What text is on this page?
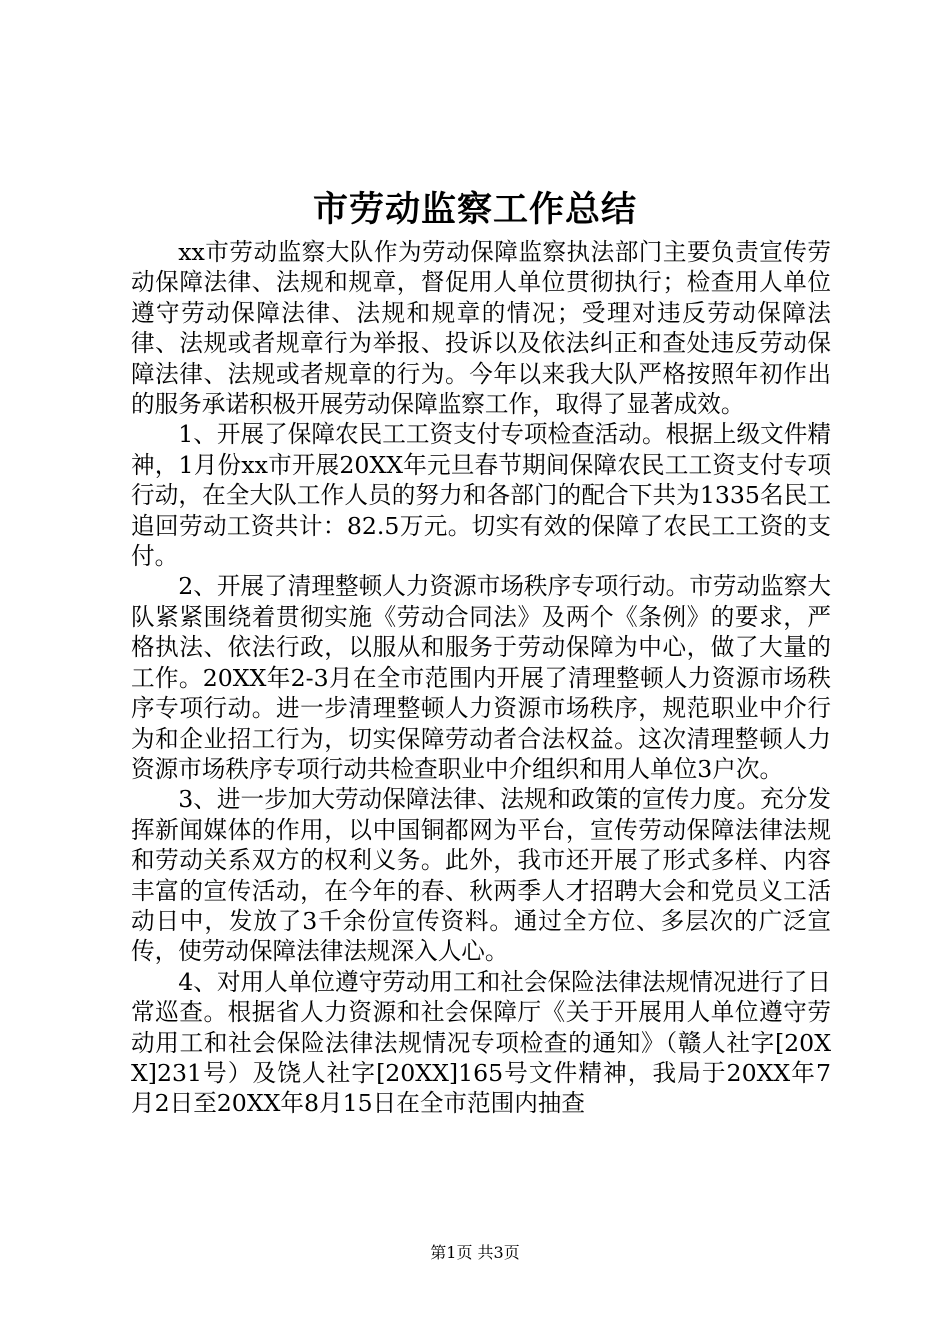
市劳动监察工作总结

xx市劳动监察大队作为劳动保障监察执法部门主要负责宣传劳动保障法律、法规和规章，督促用人单位贯彻执行；检查用人单位遵守劳动保障法律、法规和规章的情况；受理对违反劳动保障法律、法规或者规章行为举报、投诉以及依法纠正和查处违反劳动保障法律、法规或者规章的行为。今年以来我大队严格按照年初作出的服务承诺积极开展劳动保障监察工作，取得了显著成效。

1、开展了保障农民工工资支付专项检查活动。根据上级文件精神，1月份xx市开展20XX年元旦春节期间保障农民工工资支付专项行动，在全大队工作人员的努力和各部门的配合下共为1335名民工追回劳动工资共计：82.5万元。切实有效的保障了农民工工资的支付。

2、开展了清理整顿人力资源市场秩序专项行动。市劳动监察大队紧紧围绕着贯彻实施《劳动合同法》及两个《条例》的要求，严格执法、依法行政，以服从和服务于劳动保障为中心，做了大量的工作。20XX年2-3月在全市范围内开展了清理整顿人力资源市场秩序专项行动。进一步清理整顿人力资源市场秩序，规范职业中介行为和企业招工行为，切实保障劳动者合法权益。这次清理整顿人力资源市场秩序专项行动共检查职业中介组织和用人单位3户次。

3、进一步加大劳动保障法律、法规和政策的宣传力度。充分发挥新闻媒体的作用，以中国铜都网为平台，宣传劳动保障法律法规和劳动关系双方的权利义务。此外，我市还开展了形式多样、内容丰富的宣传活动，在今年的春、秋两季人才招聘大会和党员义工活动日中，发放了3千余份宣传资料。通过全方位、多层次的广泛宣传，使劳动保障法律法规深入人心。

4、对用人单位遵守劳动用工和社会保险法律法规情况进行了日常巡查。根据省人力资源和社会保障厅《关于开展用人单位遵守劳动用工和社会保险法律法规情况专项检查的通知》（赣人社字[20XX]231号）及饶人社字[20XX]165号文件精神，我局于20XX年7月2日至20XX年8月15日在全市范围内抽查

第1页 共3页
